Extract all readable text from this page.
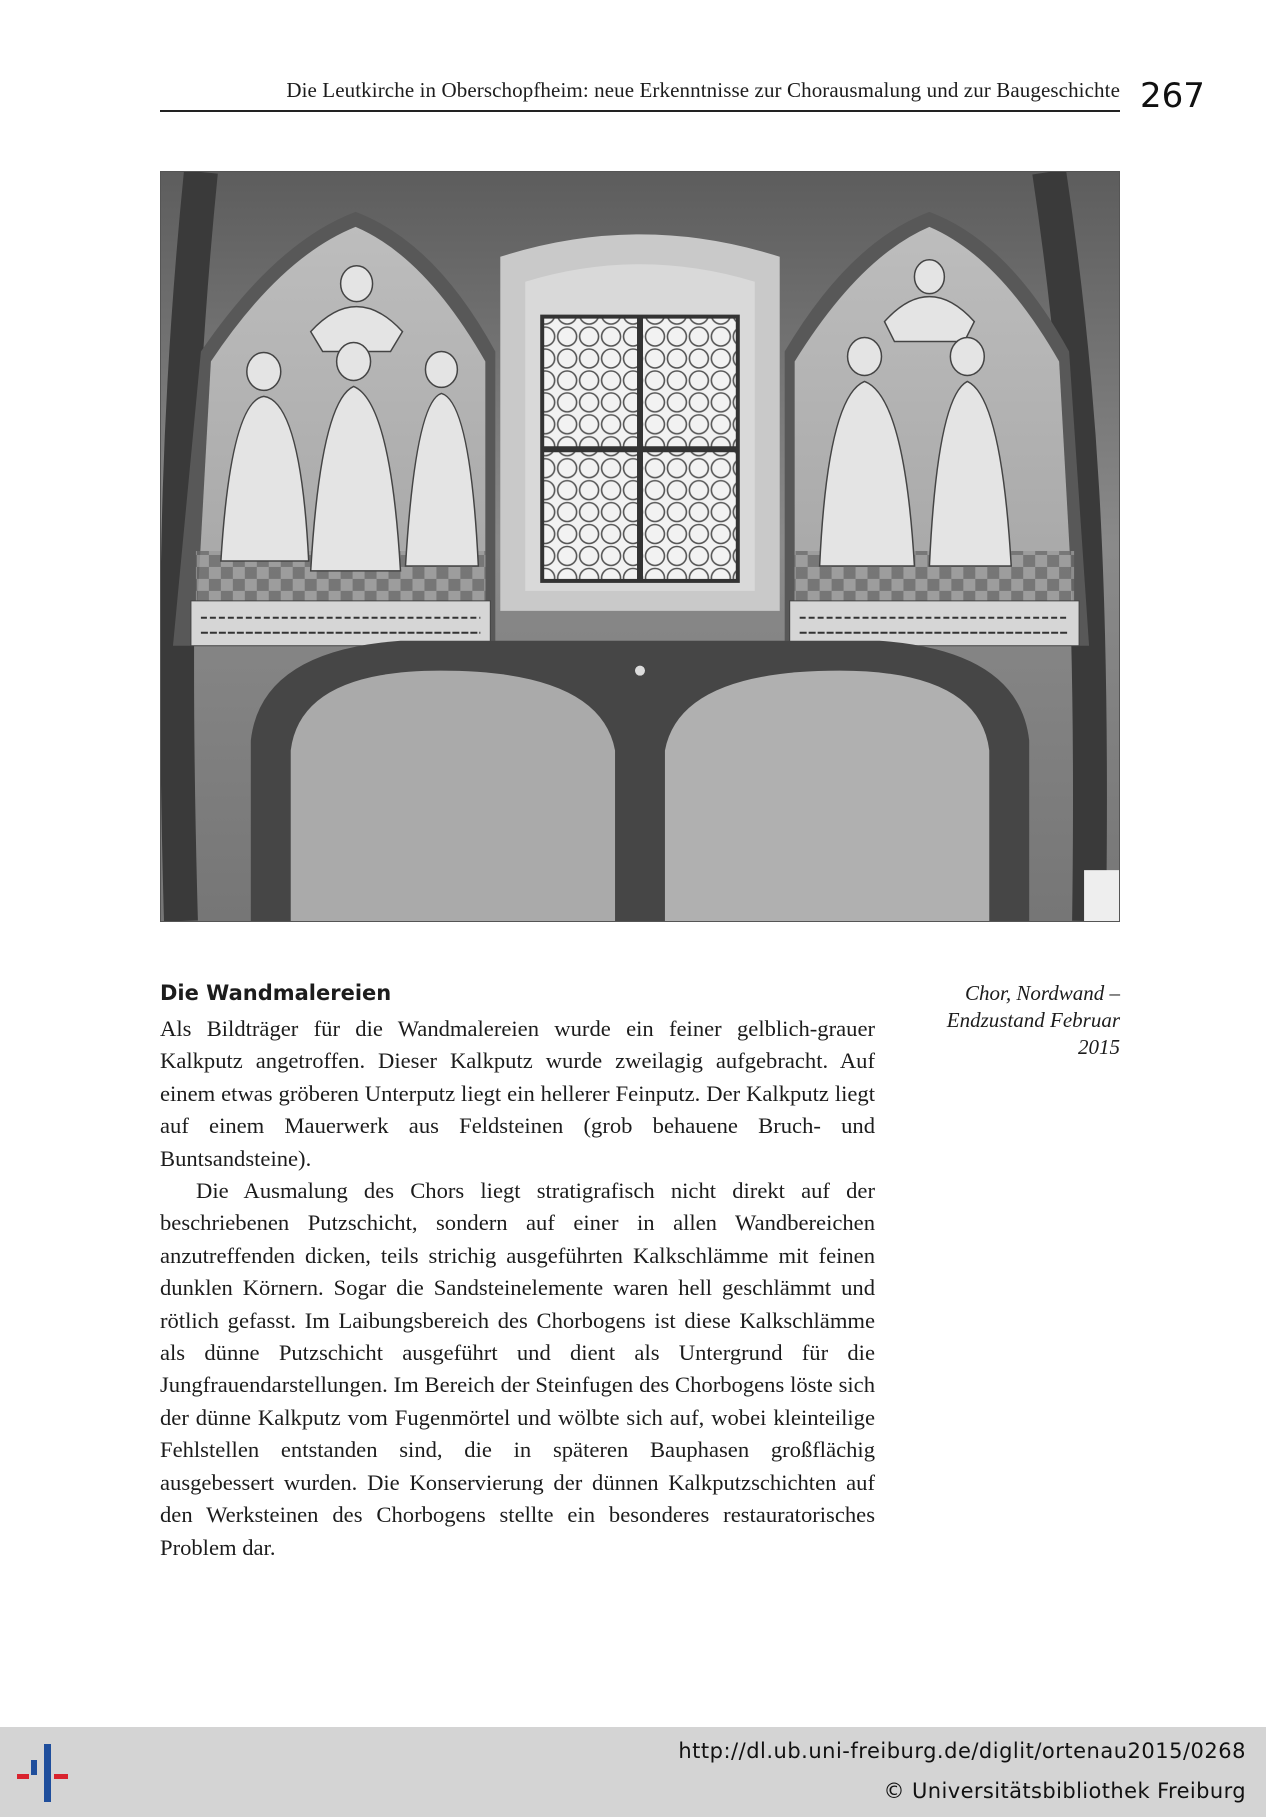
Die Leutkirche in Oberschopfheim: neue Erkenntnisse zur Chorausmalung und zur Baugeschichte 267
Chor, Nordwand –
Endzustand Februar
2015
Die Wandmalereien

Als Bildträger für die Wandmalereien wurde ein feiner gelblich-grauer Kalkputz angetroffen. Dieser Kalkputz wurde zweilagig aufgebracht. Auf einem etwas gröberen Unterputz liegt ein hellerer Feinputz. Der Kalkputz liegt auf einem Mauerwerk aus Feldsteinen (grob behauene Bruch- und Buntsandsteine).

Die Ausmalung des Chors liegt stratigrafisch nicht direkt auf der beschriebenen Putzschicht, sondern auf einer in allen Wandbereichen anzutreffenden dicken, teils strichig ausgeführten Kalkschlämme mit feinen dunklen Körnern. Sogar die Sandsteinelemente waren hell geschlämmt und rötlich gefasst. Im Laibungsbereich des Chorbogens ist diese Kalkschlämme als dünne Putzschicht ausgeführt und dient als Untergrund für die Jungfrauendarstellungen. Im Bereich der Steinfugen des Chorbogens löste sich der dünne Kalkputz vom Fugenmörtel und wölbte sich auf, wobei kleinteilige Fehlstellen entstanden sind, die in späteren Bauphasen großflächig ausgebessert wurden. Die Konservierung der dünnen Kalkputzschichten auf den Werksteinen des Chorbogens stellte ein besonderes restauratorisches Problem dar.

http://dl.ub.uni-freiburg.de/diglit/ortenau2015/0268
© Universitätsbibliothek Freiburg
